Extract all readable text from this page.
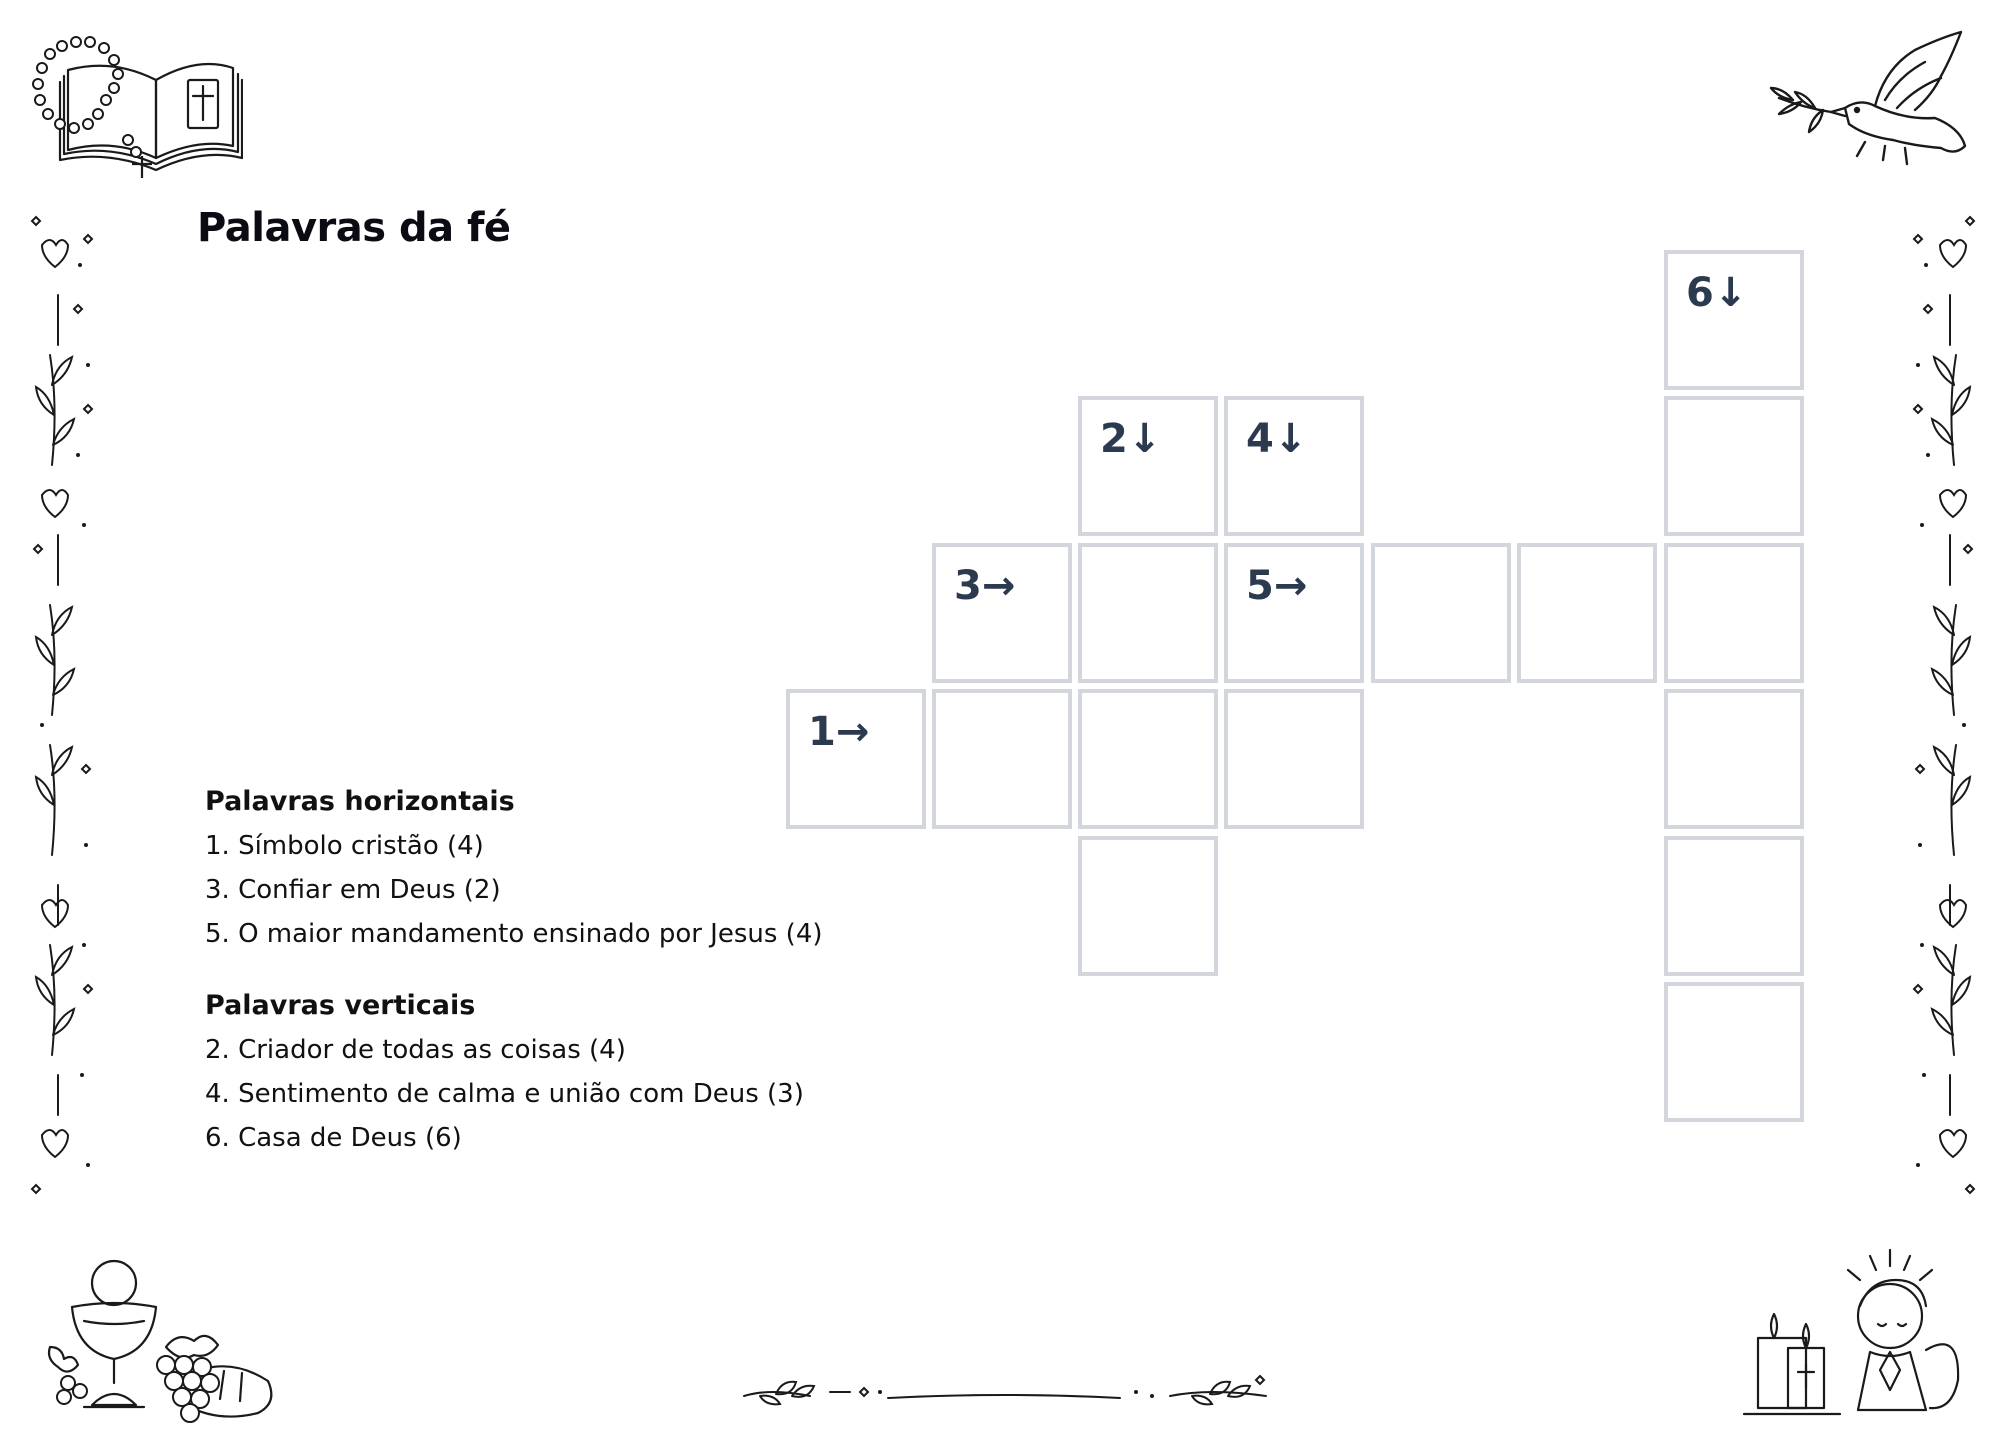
Palavras da fé
6↓
2↓ 4↓
3→	5→
1→
Palavras horizontais
1. Símbolo cristão (4)
3. Confiar em Deus (2)
5. O maior mandamento ensinado por Jesus (4)
Palavras verticais
2. Criador de todas as coisas (4)
4. Sentimento de calma e união com Deus (3)
6. Casa de Deus (6)
